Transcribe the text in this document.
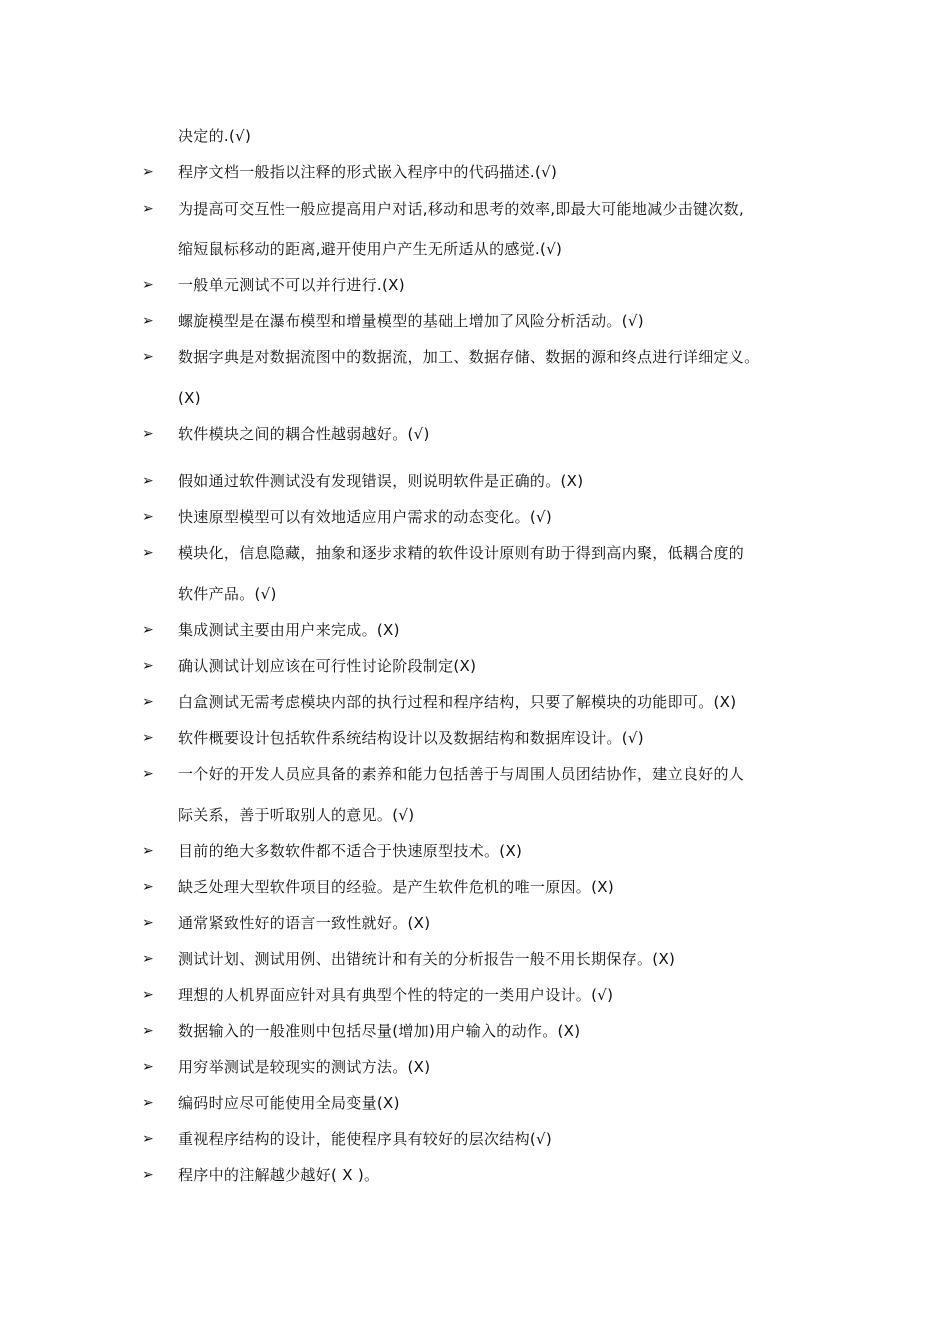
决定的.(√)
➢ 程序文档一般指以注释的形式嵌入程序中的代码描述.(√)
➢ 为提高可交互性一般应提高用户对话,移动和思考的效率,即最大可能地减少击键次数,
缩短鼠标移动的距离,避开使用户产生无所适从的感觉.(√)
➢ 一般单元测试不可以并行进行.(X)
➢ 螺旋模型是在瀑布模型和增量模型的基础上增加了风险分析活动。(√)
➢ 数据字典是对数据流图中的数据流，加工、数据存储、数据的源和终点进行详细定义。
(X)
➢ 软件模块之间的耦合性越弱越好。(√)
➢ 假如通过软件测试没有发现错误，则说明软件是正确的。(X)
➢ 快速原型模型可以有效地适应用户需求的动态变化。(√)
➢ 模块化，信息隐藏，抽象和逐步求精的软件设计原则有助于得到高内聚，低耦合度的
软件产品。(√)
➢ 集成测试主要由用户来完成。(X)
➢ 确认测试计划应该在可行性讨论阶段制定(X)
➢ 白盒测试无需考虑模块内部的执行过程和程序结构，只要了解模块的功能即可。(X)
➢ 软件概要设计包括软件系统结构设计以及数据结构和数据库设计。(√)
➢ 一个好的开发人员应具备的素养和能力包括善于与周围人员团结协作，建立良好的人
际关系，善于听取别人的意见。(√)
➢ 目前的绝大多数软件都不适合于快速原型技术。(X)
➢ 缺乏处理大型软件项目的经验。是产生软件危机的唯一原因。(X)
➢ 通常紧致性好的语言一致性就好。(X)
➢ 测试计划、测试用例、出错统计和有关的分析报告一般不用长期保存。(X)
➢ 理想的人机界面应针对具有典型个性的特定的一类用户设计。(√)
➢ 数据输入的一般准则中包括尽量(增加)用户输入的动作。(X)
➢ 用穷举测试是较现实的测试方法。(X)
➢ 编码时应尽可能使用全局变量(X)
➢ 重视程序结构的设计，能使程序具有较好的层次结构(√)
➢ 程序中的注解越少越好( X )。
